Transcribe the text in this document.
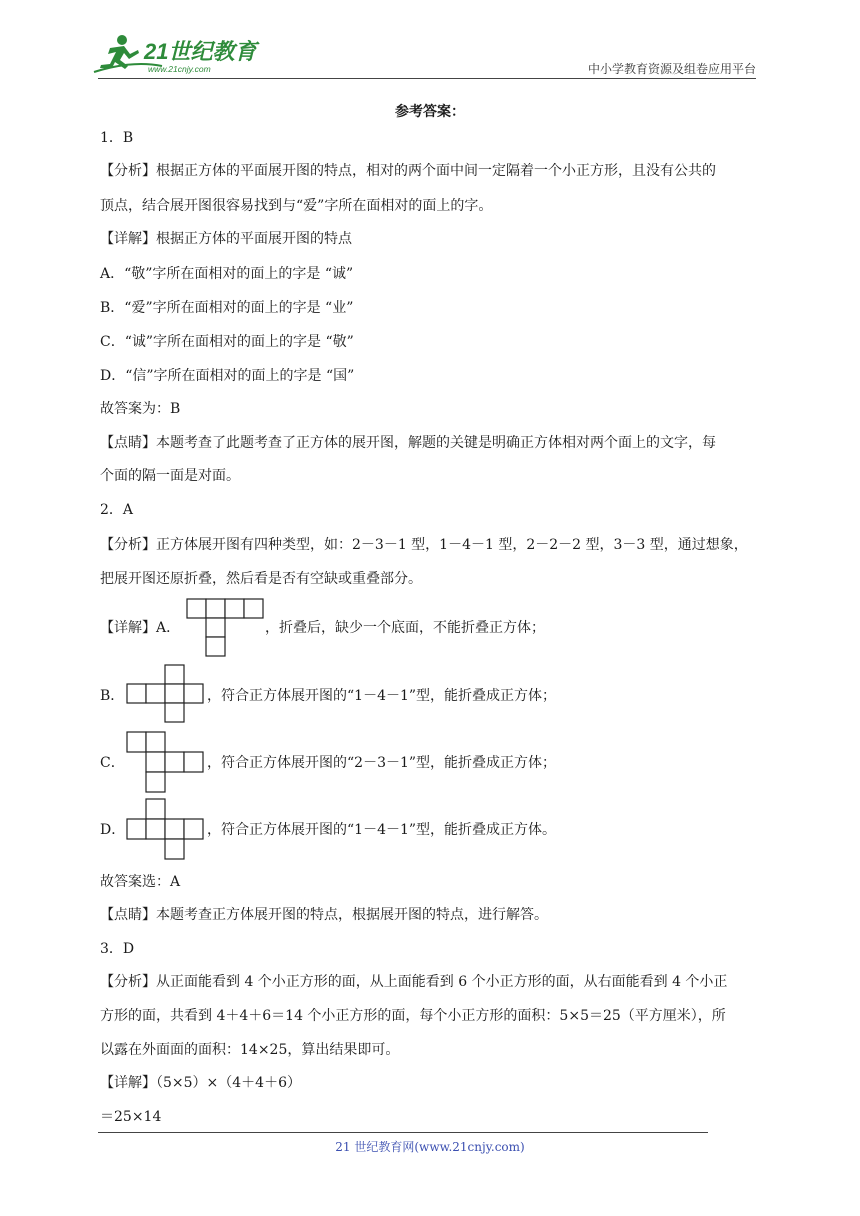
21世纪教育
www.21cnjy.com	中小学教育资源及组卷应用平台
参考答案：
1．B
【分析】根据正方体的平面展开图的特点，相对的两个面中间一定隔着一个小正方形，且没有公共的
顶点，结合展开图很容易找到与“爱”字所在面相对的面上的字。
【详解】根据正方体的平面展开图的特点
A．“敬”字所在面相对的面上的字是 “诚”
B．“爱”字所在面相对的面上的字是 “业”
C．“诚”字所在面相对的面上的字是 “敬”
D．“信”字所在面相对的面上的字是 “国”
故答案为：B
【点睛】本题考查了此题考查了正方体的展开图，解题的关键是明确正方体相对两个面上的文字，每
个面的隔一面是对面。
2．A
【分析】正方体展开图有四种类型，如：2－3－1 型，1－4－1 型，2－2－2 型，3－3 型，通过想象，
把展开图还原折叠，然后看是否有空缺或重叠部分。
【详解】A．	，折叠后，缺少一个底面，不能折叠正方体；
B．	，符合正方体展开图的“1－4－1”型，能折叠成正方体；
C．	，符合正方体展开图的“2－3－1”型，能折叠成正方体；
D．	，符合正方体展开图的“1－4－1”型，能折叠成正方体。
故答案选：A
【点睛】本题考查正方体展开图的特点，根据展开图的特点，进行解答。
3．D
【分析】从正面能看到 4 个小正方形的面，从上面能看到 6 个小正方形的面，从右面能看到 4 个小正
方形的面，共看到 4＋4＋6＝14 个小正方形的面，每个小正方形的面积：5×5＝25（平方厘米），所
以露在外面面的面积：14×25，算出结果即可。
【详解】（5×5）×（4＋4＋6）
＝25×14
21 世纪教育网(www.21cnjy.com)
